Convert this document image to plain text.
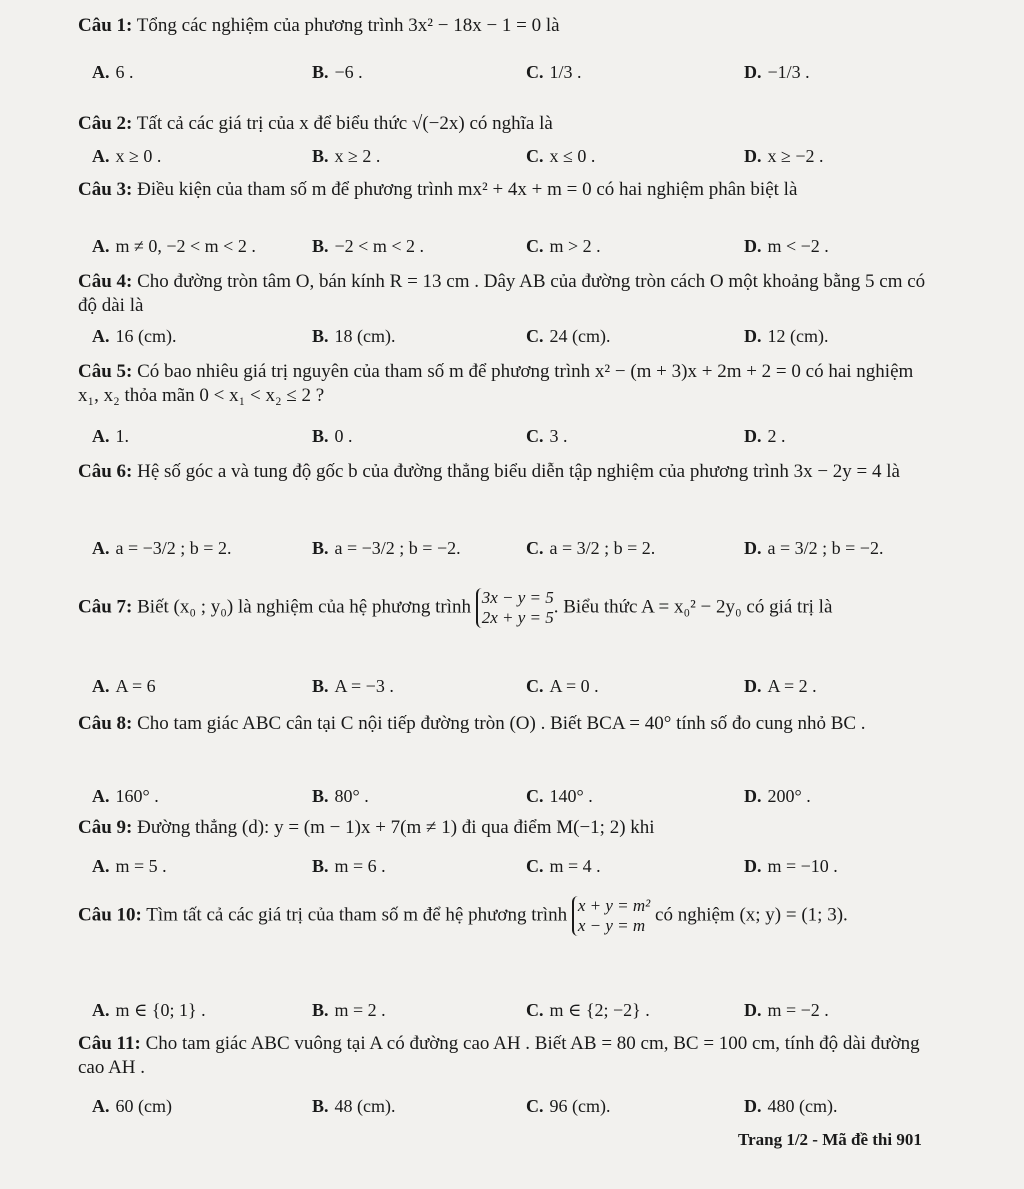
Câu 1: Tổng các nghiệm của phương trình 3x² − 18x − 1 = 0 là
A. 6 .	B. −6 .	C. 1/3 .	D. −1/3 .
Câu 2: Tất cả các giá trị của x để biểu thức √(−2x) có nghĩa là
A. x ≥ 0 .	B. x ≥ 2 .	C. x ≤ 0 .	D. x ≥ −2 .
Câu 3: Điều kiện của tham số m để phương trình mx² + 4x + m = 0 có hai nghiệm phân biệt là
A. m ≠ 0, −2 < m < 2 .	B. −2 < m < 2 .	C. m > 2 .	D. m < −2 .
Câu 4: Cho đường tròn tâm O, bán kính R = 13 cm . Dây AB của đường tròn cách O một khoảng bằng 5 cm có độ dài là
A. 16 (cm).	B. 18 (cm).	C. 24 (cm).	D. 12 (cm).
Câu 5: Có bao nhiêu giá trị nguyên của tham số m để phương trình x² − (m + 3)x + 2m + 2 = 0 có hai nghiệm x₁, x₂ thỏa mãn 0 < x₁ < x₂ ≤ 2 ?
A. 1.	B. 0 .	C. 3 .	D. 2 .
Câu 6: Hệ số góc a và tung độ gốc b của đường thẳng biểu diễn tập nghiệm của phương trình 3x − 2y = 4 là
A. a = −3/2 ; b = 2.	B. a = −3/2 ; b = −2.	C. a = 3/2 ; b = 2.	D. a = 3/2 ; b = −2.
Câu 7: Biết (x₀ ; y₀) là nghiệm của hệ phương trình 3x − y = 5
2x + y = 5. Biểu thức A = x₀² − 2y₀ có giá trị là
A. A = 6	B. A = −3 .	C. A = 0 .	D. A = 2 .
Câu 8: Cho tam giác ABC cân tại C nội tiếp đường tròn (O) . Biết BCA = 40° tính số đo cung nhỏ BC .
A. 160° .	B. 80° .	C. 140° .	D. 200° .
Câu 9: Đường thẳng (d): y = (m − 1)x + 7(m ≠ 1) đi qua điểm M(−1; 2) khi
A. m = 5 .	B. m = 6 .	C. m = 4 .	D. m = −10 .
Câu 10: Tìm tất cả các giá trị của tham số m để hệ phương trình x + y = m²
x − y = m có nghiệm (x; y) = (1; 3).
A. m ∈ {0; 1} .	B. m = 2 .	C. m ∈ {2; −2} .	D. m = −2 .
Câu 11: Cho tam giác ABC vuông tại A có đường cao AH . Biết AB = 80 cm, BC = 100 cm, tính độ dài đường cao AH .
A. 60 (cm)	B. 48 (cm).	C. 96 (cm).	D. 480 (cm).
Trang 1/2 - Mã đề thi 901
